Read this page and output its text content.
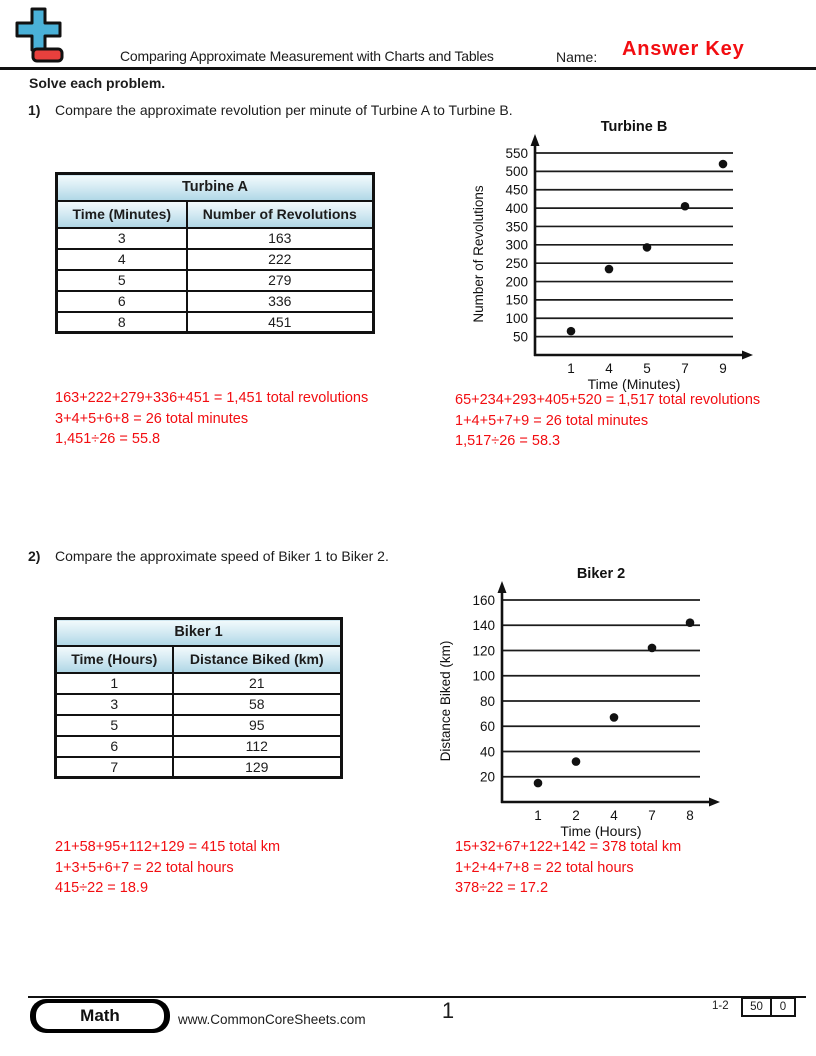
Comparing Approximate Measurement with Charts and Tables	Name: Answer Key
Solve each problem.
1) Compare the approximate revolution per minute of Turbine A to Turbine B.
Turbine A	
Time (Minutes)	Number of Revolutions
3	163
4	222
5	279
6	336
8	451
50
100
150
200
250
300
350
400
450
500
550
1 4 5 7 9
Turbine B
Time (Minutes)
Number of Revolutions
163+222+279+336+451 = 1,451 total revolutions
3+4+5+6+8 = 26 total minutes
1,451÷26 = 55.8
65+234+293+405+520 = 1,517 total revolutions
1+4+5+7+9 = 26 total minutes
1,517÷26 = 58.3
2) Compare the approximate speed of Biker 1 to Biker 2.
Biker 1	
Time (Hours)	Distance Biked (km)
1	21
3	58
5	95
6	112
7	129
20
40
60
80
100
120
140
160
1 2 4 7 8
Biker 2
Time (Hours)
Distance Biked (km)
21+58+95+112+129 = 415 total km
1+3+5+6+7 = 22 total hours
415÷22 = 18.9
15+32+67+122+142 = 378 total km
1+2+4+7+8 = 22 total hours
378÷22 = 17.2
Math	www.CommonCoreSheets.com	1	1-2	50	0
